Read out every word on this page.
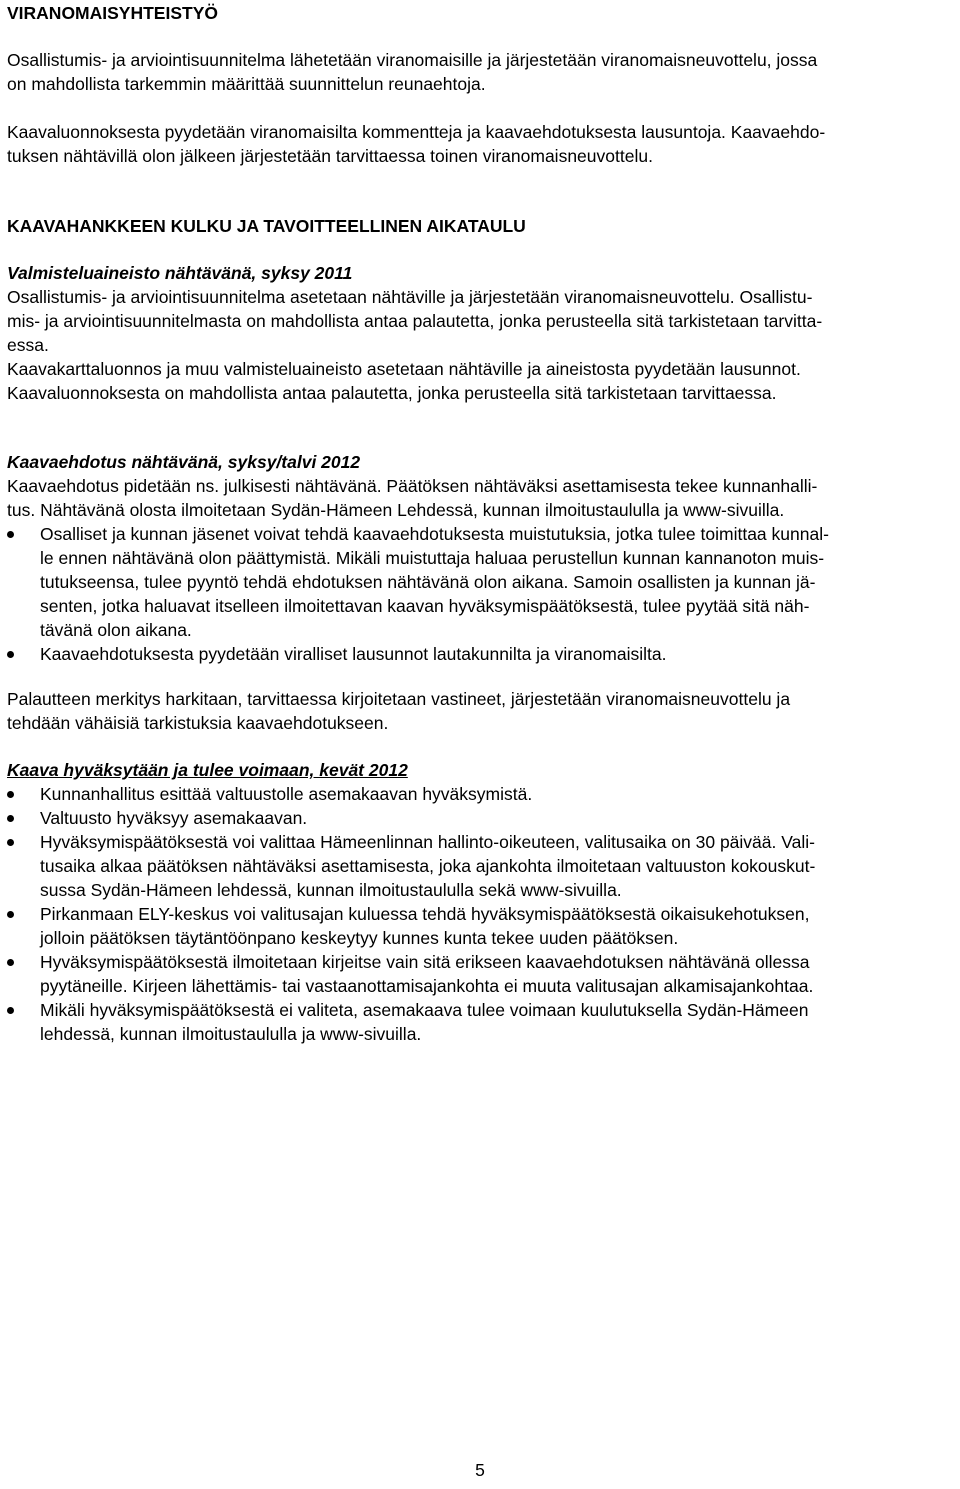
VIRANOMAISYHTEISTYÖ
Osallistumis- ja arviointisuunnitelma lähetetään viranomaisille ja järjestetään viranomaisneuvottelu, jossa
on mahdollista tarkemmin määrittää suunnittelun reunaehtoja.
Kaavaluonnoksesta pyydetään viranomaisilta kommentteja ja kaavaehdotuksesta lausuntoja. Kaavaehdo-
tuksen nähtävillä olon jälkeen järjestetään tarvittaessa toinen viranomaisneuvottelu.
KAAVAHANKKEEN KULKU JA TAVOITTEELLINEN AIKATAULU
Valmisteluaineisto nähtävänä, syksy 2011
Osallistumis- ja arviointisuunnitelma asetetaan nähtäville ja järjestetään viranomaisneuvottelu. Osallistu-
mis- ja arviointisuunnitelmasta on mahdollista antaa palautetta, jonka perusteella sitä tarkistetaan tarvitta-
essa.
Kaavakarttaluonnos ja muu valmisteluaineisto asetetaan nähtäville ja aineistosta pyydetään lausunnot.
Kaavaluonnoksesta on mahdollista antaa palautetta, jonka perusteella sitä tarkistetaan tarvittaessa.
Kaavaehdotus nähtävänä, syksy/talvi 2012
Kaavaehdotus pidetään ns. julkisesti nähtävänä. Päätöksen nähtäväksi asettamisesta tekee kunnanhalli-
tus. Nähtävänä olosta ilmoitetaan Sydän-Hämeen Lehdessä, kunnan ilmoitustaululla ja www-sivuilla.
Osalliset ja kunnan jäsenet voivat tehdä kaavaehdotuksesta muistutuksia, jotka tulee toimittaa kunnal-
le ennen nähtävänä olon päättymistä. Mikäli muistuttaja haluaa perustellun kunnan kannanoton muis-
tutukseensa, tulee pyyntö tehdä ehdotuksen nähtävänä olon aikana. Samoin osallisten ja kunnan jä-
senten, jotka haluavat itselleen ilmoitettavan kaavan hyväksymispäätöksestä, tulee pyytää sitä näh-
tävänä olon aikana.
Kaavaehdotuksesta pyydetään viralliset lausunnot lautakunnilta ja viranomaisilta.
Palautteen merkitys harkitaan, tarvittaessa kirjoitetaan vastineet, järjestetään viranomaisneuvottelu ja
tehdään vähäisiä tarkistuksia kaavaehdotukseen.
Kaava hyväksytään ja tulee voimaan, kevät 2012
Kunnanhallitus esittää valtuustolle asemakaavan hyväksymistä.
Valtuusto hyväksyy asemakaavan.
Hyväksymispäätöksestä voi valittaa Hämeenlinnan hallinto-oikeuteen, valitusaika on 30 päivää. Vali-
tusaika alkaa päätöksen nähtäväksi asettamisesta, joka ajankohta ilmoitetaan valtuuston kokouskut-
sussa Sydän-Hämeen lehdessä, kunnan ilmoitustaululla sekä www-sivuilla.
Pirkanmaan ELY-keskus voi valitusajan kuluessa tehdä hyväksymispäätöksestä oikaisukehotuksen,
jolloin päätöksen täytäntöönpano keskeytyy kunnes kunta tekee uuden päätöksen.
Hyväksymispäätöksestä ilmoitetaan kirjeitse vain sitä erikseen kaavaehdotuksen nähtävänä ollessa
pyytäneille. Kirjeen lähettämis- tai vastaanottamisajankohta ei muuta valitusajan alkamisajankohtaa.
Mikäli hyväksymispäätöksestä ei valiteta, asemakaava tulee voimaan kuulutuksella Sydän-Hämeen
lehdessä, kunnan ilmoitustaululla ja www-sivuilla.
5
